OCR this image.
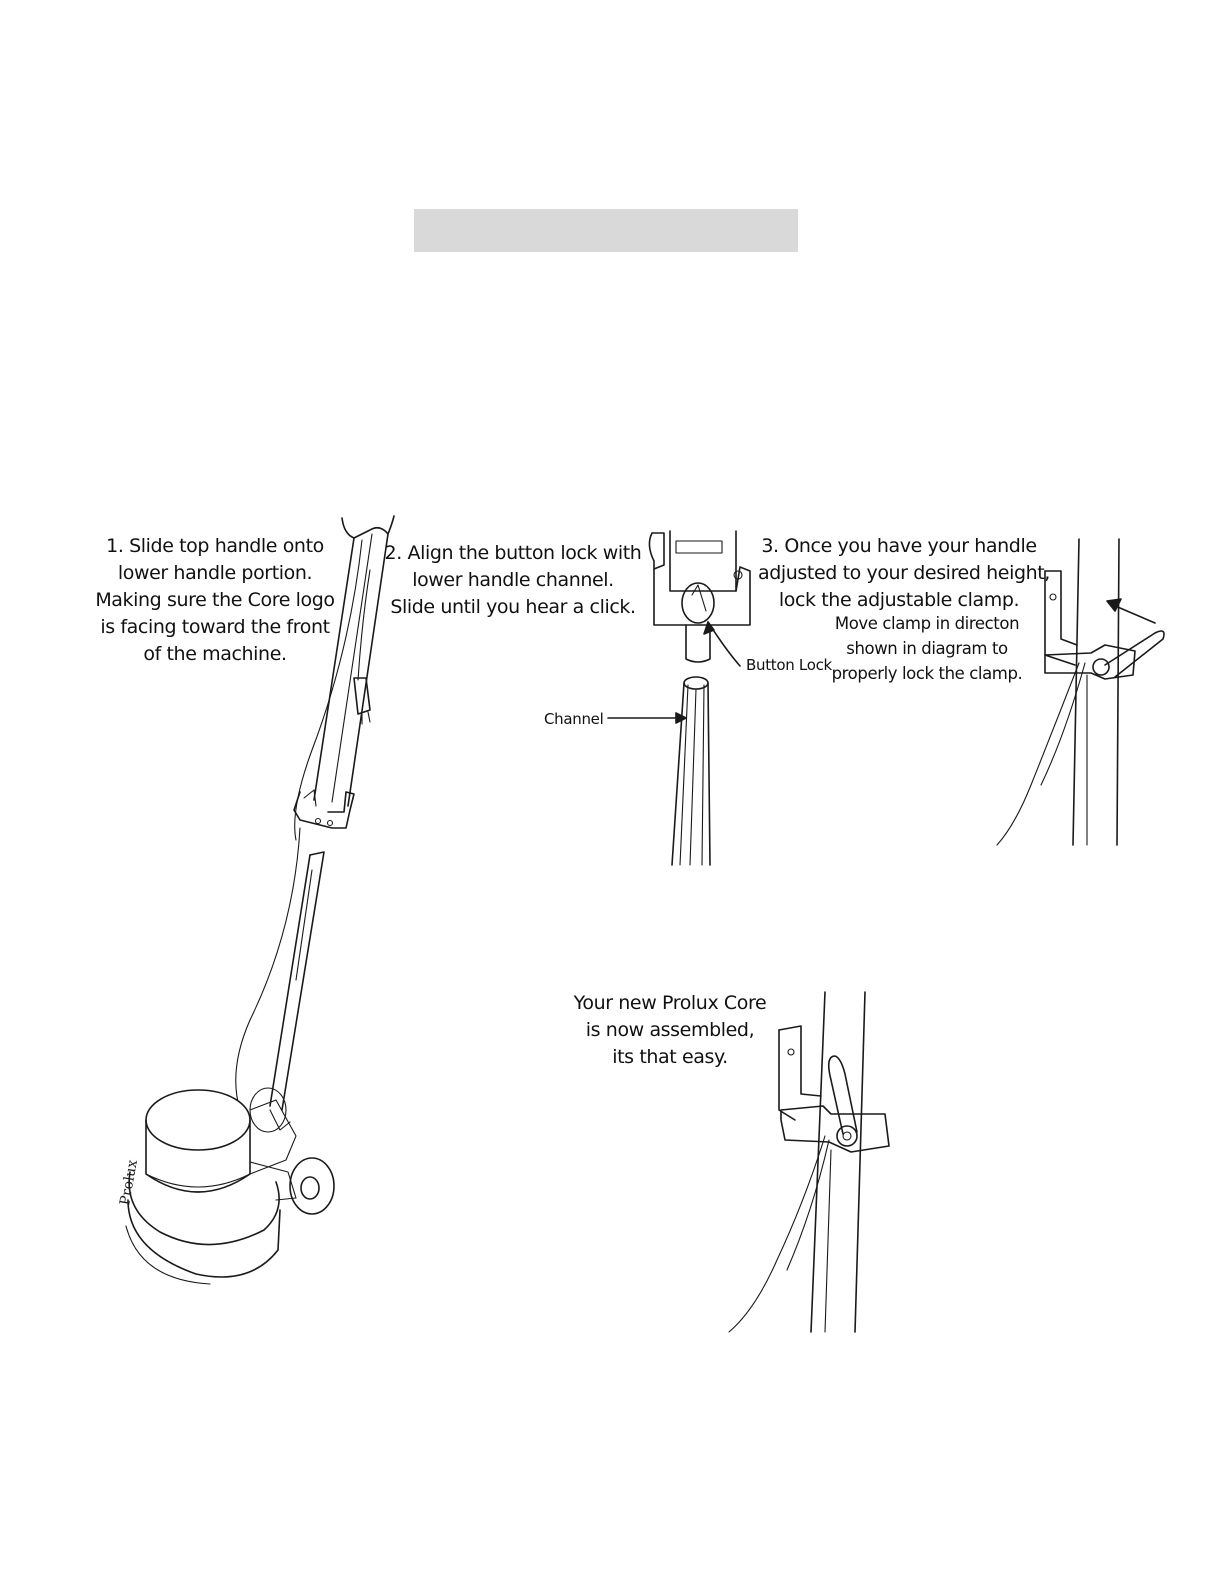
Prolux
1. Slide top handle onto
lower handle portion.
Making sure the Core logo
is facing toward the front
of the machine.
2. Align the button lock with
lower handle channel.
Slide until you hear a click.
Button Lock
Channel
3. Once you have your handle
adjusted to your desired height,
lock the adjustable clamp.
Move clamp in directon
shown in diagram to
properly lock the clamp.
Your new Prolux Core
is now assembled,
its that easy.
